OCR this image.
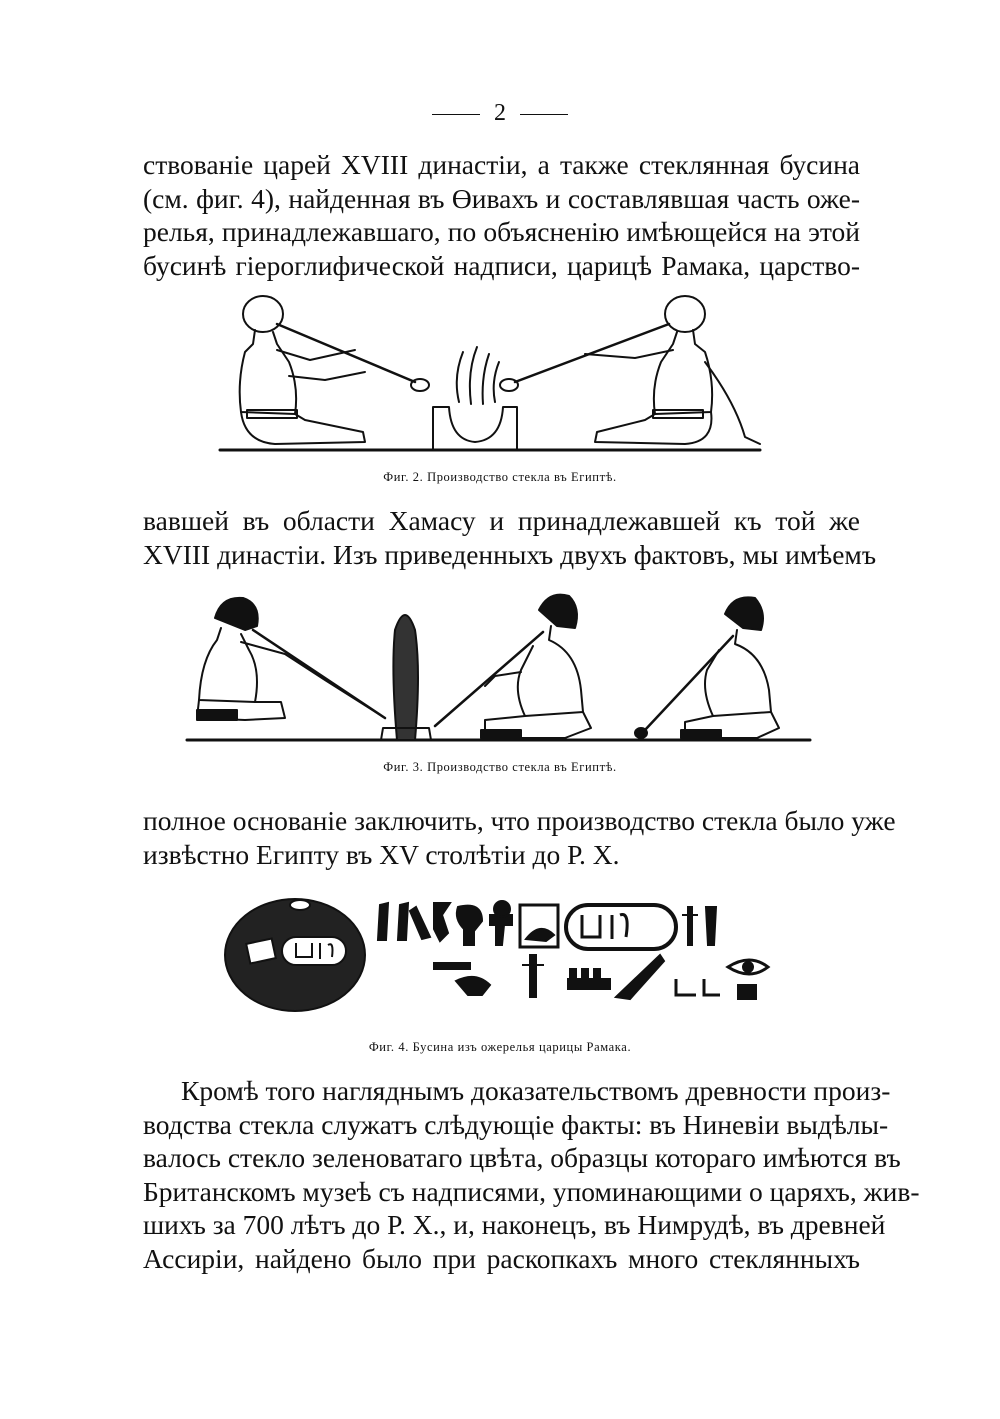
2
ствованіе царей XVIII династіи, а также стеклянная бусина
(см. фиг. 4), найденная въ Өивахъ и составлявшая часть оже-
релья, принадлежавшаго, по объясненію имѣющейся на этой
бусинѣ гіероглифической надписи, царицѣ Рамака, царство-
Фиг. 2. Производство стекла въ Египтѣ.
вавшей въ области Хамасу и принадлежавшей къ той же
XVIII династіи. Изъ приведенныхъ двухъ фактовъ, мы имѣемъ
Фиг. 3. Производство стекла въ Египтѣ.
полное основаніе заключить, что производство стекла было уже
извѣстно Египту въ XV столѣтіи до Р. Х.
Фиг. 4. Бусина изъ ожерелья царицы Рамака.
Кромѣ того нагляднымъ доказательствомъ древности произ-
водства стекла служатъ слѣдующіе факты: въ Ниневіи выдѣлы-
валось стекло зеленоватаго цвѣта, образцы котораго имѣются въ
Британскомъ музеѣ съ надписями, упоминающими о царяхъ, жив-
шихъ за 700 лѣтъ до Р. Х., и, наконецъ, въ Нимрудѣ, въ древней
Ассиріи, найдено было при раскопкахъ много стеклянныхъ
